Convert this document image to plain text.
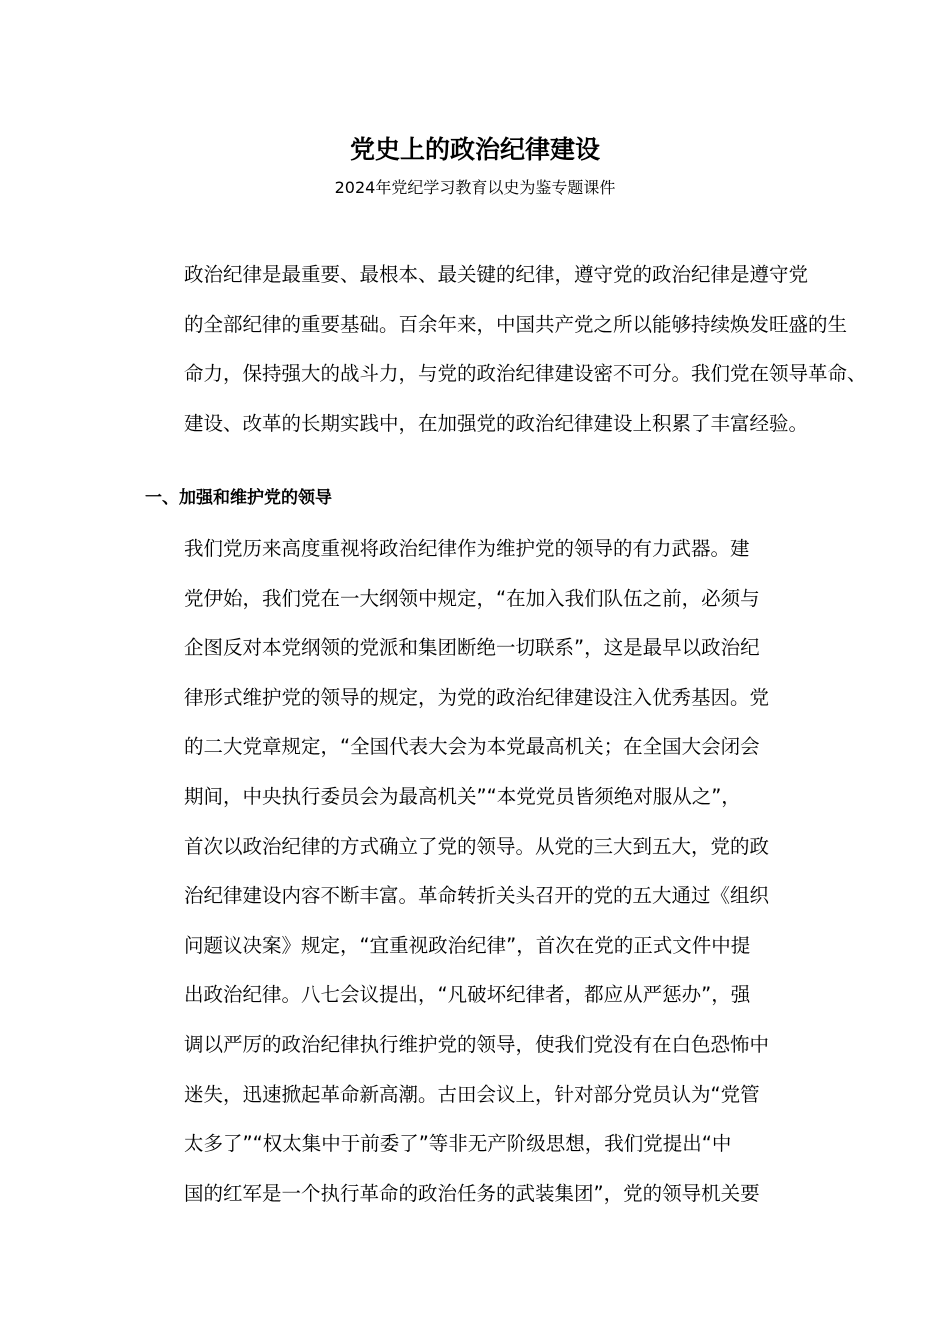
党史上的政治纪律建设

2024年党纪学习教育以史为鉴专题课件

政治纪律是最重要、最根本、最关键的纪律，遵守党的政治纪律是遵守党
的全部纪律的重要基础。百余年来，中国共产党之所以能够持续焕发旺盛的生
命力，保持强大的战斗力，与党的政治纪律建设密不可分。我们党在领导革命、
建设、改革的长期实践中，在加强党的政治纪律建设上积累了丰富经验。

一、加强和维护党的领导

我们党历来高度重视将政治纪律作为维护党的领导的有力武器。建
党伊始，我们党在一大纲领中规定，“在加入我们队伍之前，必须与
企图反对本党纲领的党派和集团断绝一切联系”，这是最早以政治纪
律形式维护党的领导的规定，为党的政治纪律建设注入优秀基因。党
的二大党章规定，“全国代表大会为本党最高机关；在全国大会闭会
期间，中央执行委员会为最高机关”“本党党员皆须绝对服从之”，
首次以政治纪律的方式确立了党的领导。从党的三大到五大，党的政
治纪律建设内容不断丰富。革命转折关头召开的党的五大通过《组织
问题议决案》规定，“宜重视政治纪律”，首次在党的正式文件中提
出政治纪律。八七会议提出，“凡破坏纪律者，都应从严惩办”，强
调以严厉的政治纪律执行维护党的领导，使我们党没有在白色恐怖中
迷失，迅速掀起革命新高潮。古田会议上，针对部分党员认为“党管
太多了”“权太集中于前委了”等非无产阶级思想，我们党提出“中
国的红军是一个执行革命的政治任务的武装集团”，党的领导机关要
